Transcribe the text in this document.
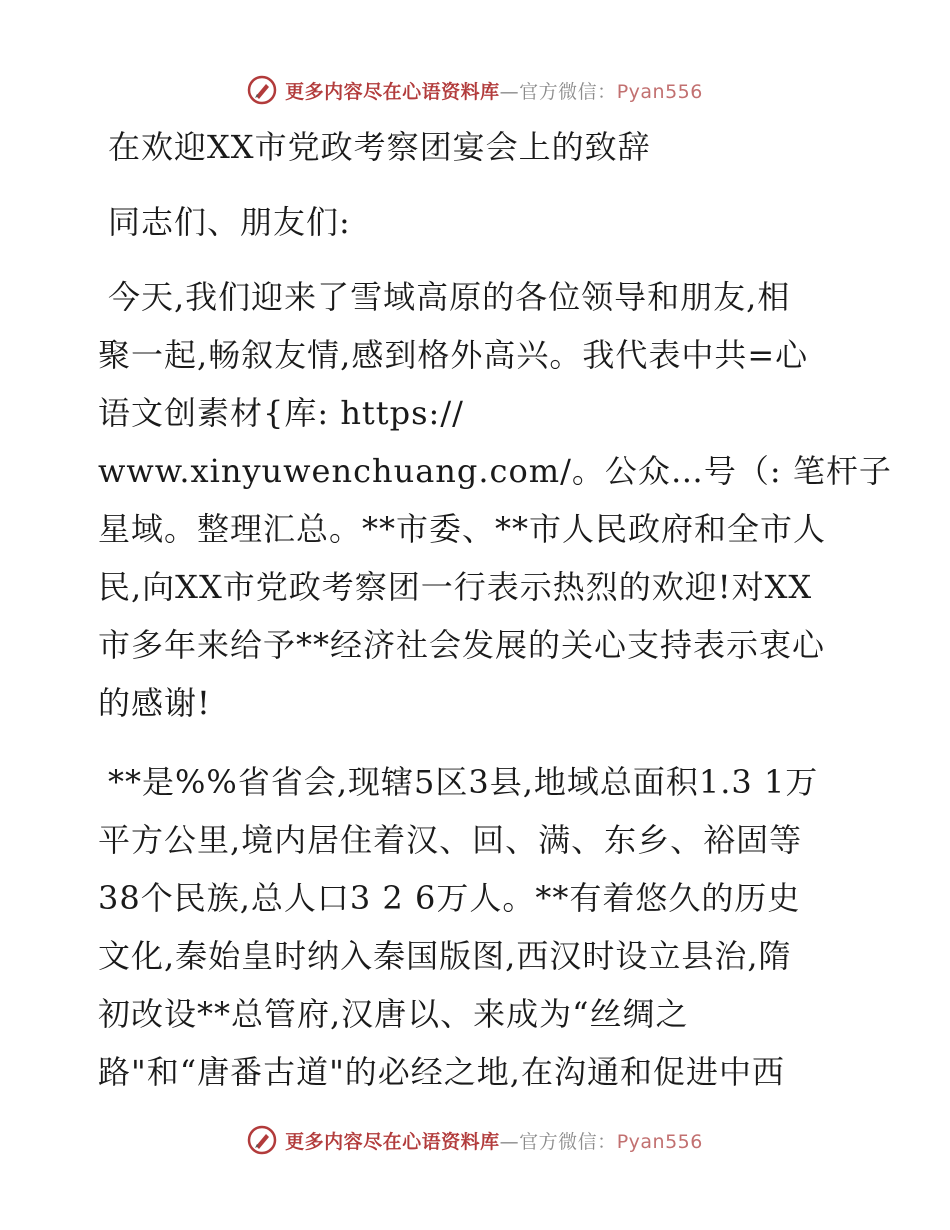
更多内容尽在心语资料库—官方微信：Pyan556
在欢迎XX市党政考察团宴会上的致辞
同志们、朋友们:
今天,我们迎来了雪域高原的各位领导和朋友,相
聚一起,畅叙友情,感到格外高兴。我代表中共=心
语文创素材{库: https://
www.xinyuwenchuang.com/。公众…号（: 笔杆子
星域。整理汇总。**市委、**市人民政府和全市人
民,向XX市党政考察团一行表示热烈的欢迎!对XX
市多年来给予**经济社会发展的关心支持表示衷心
的感谢!
**是%%省省会,现辖5区3县,地域总面积1.3 1万
平方公里,境内居住着汉、回、满、东乡、裕固等
38个民族,总人口3 2 6万人。**有着悠久的历史
文化,秦始皇时纳入秦国版图,西汉时设立县治,隋
初改设**总管府,汉唐以、来成为“丝绸之
路"和“唐番古道"的必经之地,在沟通和促进中西
更多内容尽在心语资料库—官方微信：Pyan556
